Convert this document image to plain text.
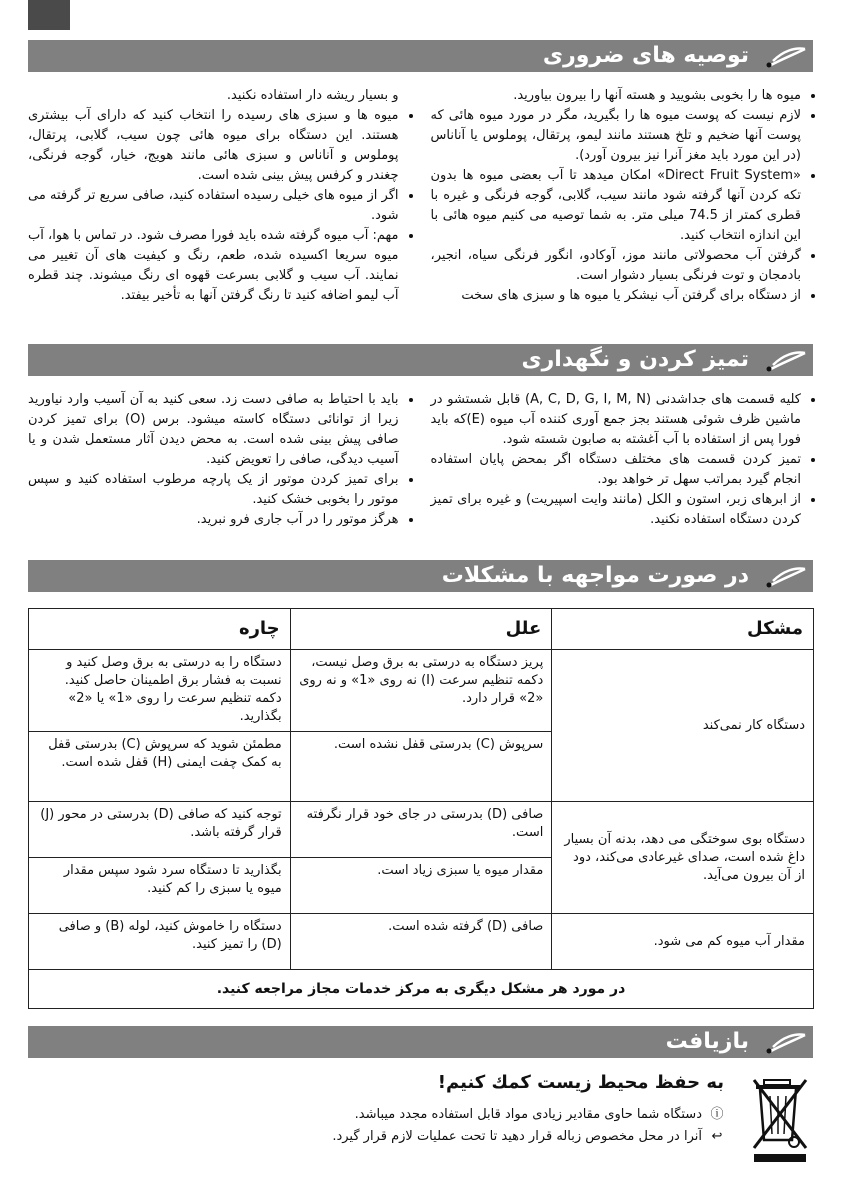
توصیه های ضروری
• میوه ها را بخوبی بشویید و هسته آنها را بیرون بیاورید.
• لازم نیست که پوست میوه ها را بگیرید، مگر در مورد میوه هائی که پوست آنها ضخیم و تلخ هستند مانند لیمو، پرتقال، پوملوس یا آناناس (در این مورد باید مغز آنرا نیز بیرون آورد).
• «Direct Fruit System» امکان میدهد تا آب بعضی میوه ها بدون تکه کردن آنها گرفته شود مانند سیب، گلابی، گوجه فرنگی و غیره با قطری کمتر از 74.5 میلی متر. به شما توصیه می کنیم میوه هائی با این اندازه انتخاب کنید.
• گرفتن آب محصولاتی مانند موز، آوکادو، انگور فرنگی سیاه، انجیر، بادمجان و توت فرنگی بسیار دشوار است.
• از دستگاه برای گرفتن آب نیشکر یا میوه ها و سبزی های سخت

و بسیار ریشه دار استفاده نکنید.

• میوه ها و سبزی های رسیده را انتخاب کنید که دارای آب بیشتری هستند. این دستگاه برای میوه هائی چون سیب، گلابی، پرتقال، پوملوس و آناناس و سبزی هائی مانند هویج، خیار، گوجه فرنگی، چغندر و کرفس پیش بینی شده است.
• اگر از میوه های خیلی رسیده استفاده کنید، صافی سریع تر گرفته می شود.
• مهم: آب میوه گرفته شده باید فورا مصرف شود. در تماس با هوا، آب میوه سریعا اکسیده شده، طعم، رنگ و کیفیت های آن تغییر می نمایند. آب سیب و گلابی بسرعت قهوه ای رنگ میشوند. چند قطره آب لیمو اضافه کنید تا رنگ گرفتن آنها به تأخیر بیفتد.
تمیز کردن و نگهداری
• کلیه قسمت های جداشدنی (A, C, D, G, I, M, N) قابل شستشو در ماشین ظرف شوئی هستند بجز جمع آوری کننده آب میوه (E)که باید فورا پس از استفاده با آب آغشته به صابون شسته شود.
• تمیز کردن قسمت های مختلف دستگاه اگر بمحض پایان استفاده انجام گیرد بمراتب سهل تر خواهد بود.
• از ابرهای زبر، استون و الکل (مانند وایت اسپیریت) و غیره برای تمیز کردن دستگاه استفاده نکنید.
• باید با احتیاط به صافی دست زد. سعی کنید به آن آسیب وارد نیاورید زیرا از توانائی دستگاه کاسته میشود. برس (O) برای تمیز کردن صافی پیش بینی شده است. به محض دیدن آثار مستعمل شدن و یا آسیب دیدگی، صافی را تعویض کنید.
• برای تمیز کردن موتور از یک پارچه مرطوب استفاده کنید و سپس موتور را بخوبی خشک کنید.
• هرگز موتور را در آب جاری فرو نبرید.
در صورت مواجهه با مشکلات
مشکل	علل	چاره
دستگاه کار نمی‌کند	پریز دستگاه به درستی به برق وصل نیست، دکمه تنظیم سرعت (I) نه روی «1» و نه روی «2» قرار دارد.	دستگاه را به درستی به برق وصل کنید و نسبت به فشار برق اطمینان حاصل کنید. دکمه تنظیم سرعت را روی «1» یا «2» بگذارید.
	سرپوش (C) بدرستی قفل نشده است.	مطمئن شوید که سرپوش (C) بدرستی قفل به کمک چفت ایمنی (H) قفل شده است.
دستگاه بوی سوختگی می دهد، بدنه آن بسیار داغ شده است، صدای غیرعادی می‌کند، دود از آن بیرون می‌آید.	صافی (D) بدرستی در جای خود قرار نگرفته است.	توجه کنید که صافی (D) بدرستی در محور (J) قرار گرفته باشد.
	مقدار میوه یا سبزی زیاد است.	بگذارید تا دستگاه سرد شود سپس مقدار میوه یا سبزی را کم کنید.
مقدار آب میوه کم می شود.	صافی (D) گرفته شده است.	دستگاه را خاموش کنید، لوله (B) و صافی (D) را تمیز کنید.
در مورد هر مشکل دیگری به مرکز خدمات مجاز مراجعه کنید.		
بازیافت
به حفظ محیط زیست کمك کنیم!
ⓘ
دستگاه شما حاوی مقادیر زیادی مواد قابل استفاده مجدد میباشد.
↩
آنرا در محل مخصوص زباله قرار دهید تا تحت عملیات لازم قرار گیرد.
